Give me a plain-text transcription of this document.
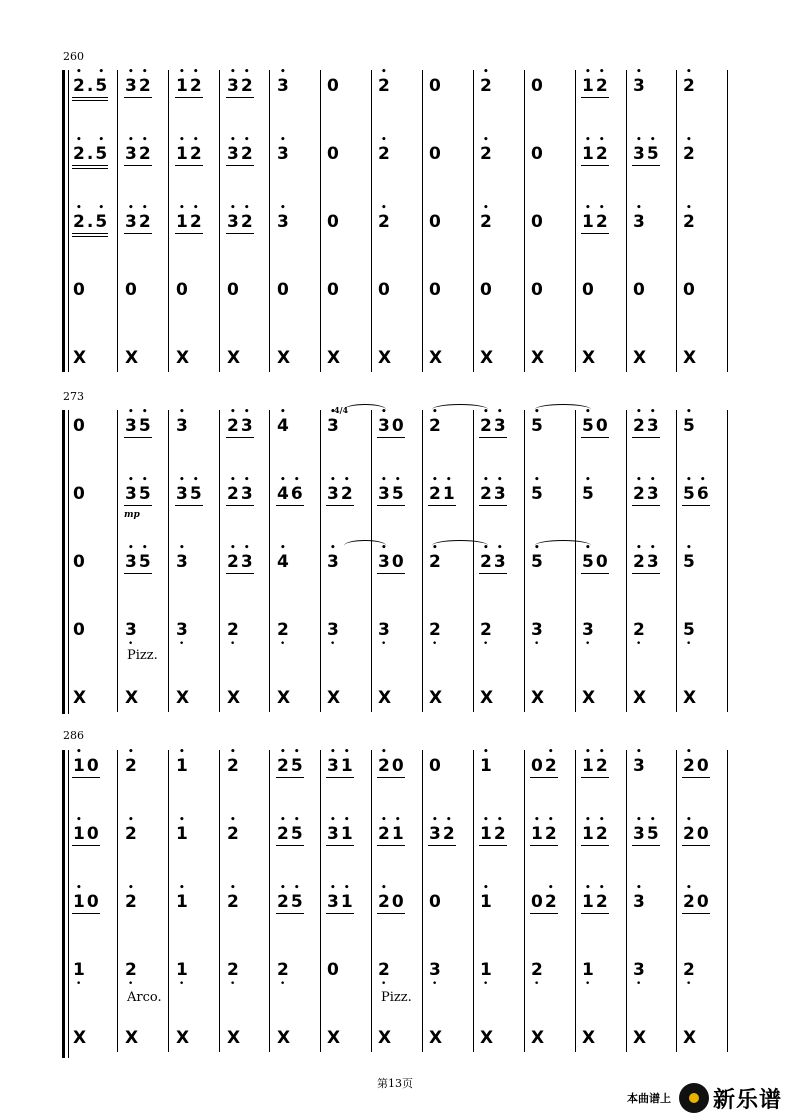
260
273
286
2
•
. 5
•
3
•
2
•
1
•
2
•
3
•
2
•
3
•
0 2
•
0 2
•
0 1
•
2
•
3
•
2
•
2
•
. 5
•
3
•
2
•
1
•
2
•
3
•
2
•
3
•
0 2
•
0 2
•
0 1
•
2
•
3
•
5
•
2
•
2
•
. 5
•
3
•
2
•
1
•
2
•
3
•
2
•
3
•
0 2
•
0 2
•
0 1
•
2
•
3
•
2
•
0 0 0 0 0 0 0 0 0 0 0 0 0
X X X X X X X X X X X X X
0 3
•
5
•
3
•
2
•
3
•
4
•
3
•
3
•
0 2
•
2
•
3
•
5
•
5
•
0 2
•
3
•
5
•
0 3
•
5
•
3
•
5
•
2
•
3
•
4
•
6
•
3
•
2
•
3
•
5
•
2
•
1
•
2
•
3
•
5
•
5
•
2
•
3
•
5
•
6
•
0 3
•
5
•
3
•
2
•
3
•
4
•
3
•
3
•
0 2
•
2
•
3
•
5
•
5
•
0 2
•
3
•
5
•
0 3
•
3
•
2
•
2
•
3
•
3
•
2
•
2
•
3
•
3
•
2
•
5
•
X X X X X X X X X X X X X
1
•
0 2
•
1
•
2
•
2
•
5
•
3
•
1
•
2
•
0 0 1
•
0 2
•
1
•
2
•
3
•
2
•
0
1
•
0 2
•
1
•
2
•
2
•
5
•
3
•
1
•
2
•
1
•
3
•
2
•
1
•
2
•
1
•
2
•
1
•
2
•
3
•
5
•
2
•
0
1
•
0 2
•
1
•
2
•
2
•
5
•
3
•
1
•
2
•
0 0 1
•
0 2
•
1
•
2
•
3
•
2
•
0
1
•
2
•
1
•
2
•
2
•
0 2
•
3
•
1
•
2
•
1
•
3
•
2
•
X X X X X X X X X X X X X
mp
Pizz.
4/4
Arco.	Pizz.
第13页
本曲谱上 新乐谱
